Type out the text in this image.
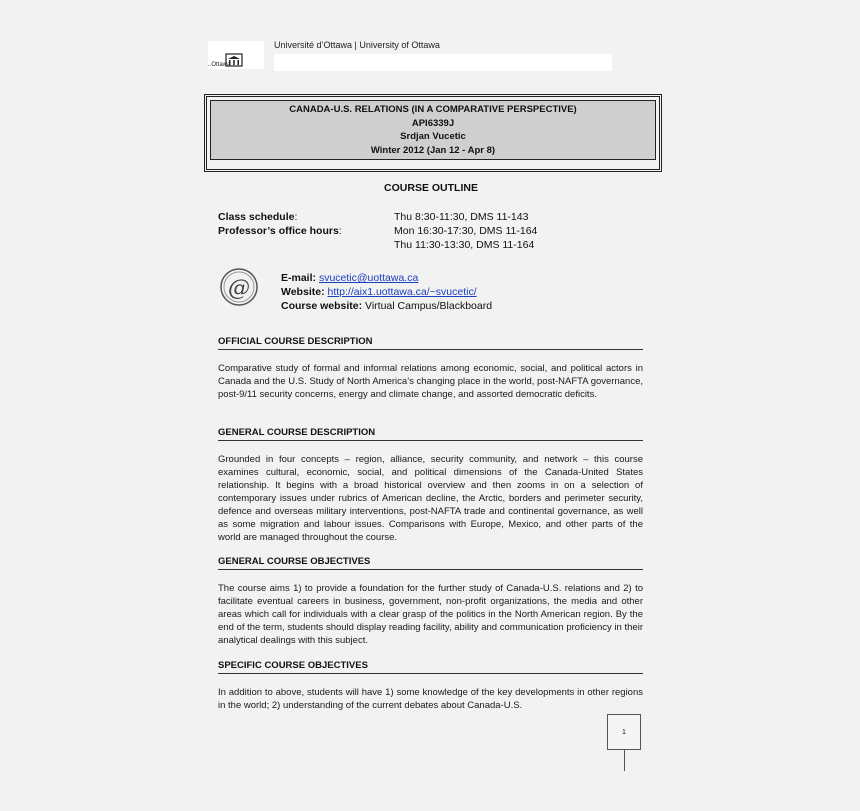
..Ottawa
Université d’Ottawa | University of Ottawa
CANADA-U.S. RELATIONS (IN A COMPARATIVE PERSPECTIVE)
API6339J
Srdjan Vucetic
Winter 2012 (Jan 12 - Apr 8)
COURSE OUTLINE
Class schedule:	Thu 8:30-11:30, DMS 11-143
Professor’s office hours:	Mon 16:30-17:30, DMS 11-164
Thu 11:30-13:30, DMS 11-164
@	E-mail: svucetic@uottawa.ca
Website: http://aix1.uottawa.ca/~svucetic/
Course website: Virtual Campus/Blackboard
OFFICIAL COURSE DESCRIPTION
Comparative study of formal and informal relations among economic, social, and political actors in Canada and the U.S. Study of North America’s changing place in the world, post-NAFTA governance, post-9/11 security concerns, energy and climate change, and assorted democratic deficits.
GENERAL COURSE DESCRIPTION
Grounded in four concepts – region, alliance, security community, and network – this course examines cultural, economic, social, and political dimensions of the Canada-United States relationship. It begins with a broad historical overview and then zooms in on a selection of contemporary issues under rubrics of American decline, the Arctic, borders and perimeter security, defence and overseas military interventions, post-NAFTA trade and continental governance, as well as some migration and labour issues. Comparisons with Europe, Mexico, and other parts of the world are managed throughout the course.
GENERAL COURSE OBJECTIVES
The course aims 1) to provide a foundation for the further study of Canada-U.S. relations and 2) to facilitate eventual careers in business, government, non-profit organizations, the media and other areas which call for individuals with a clear grasp of the politics in the North American region. By the end of the term, students should display reading facility, ability and communication proficiency in their analytical dealings with this subject.
SPECIFIC COURSE OBJECTIVES
In addition to above, students will have 1) some knowledge of the key developments in other regions in the world; 2) understanding of the current debates about Canada-U.S.
1
